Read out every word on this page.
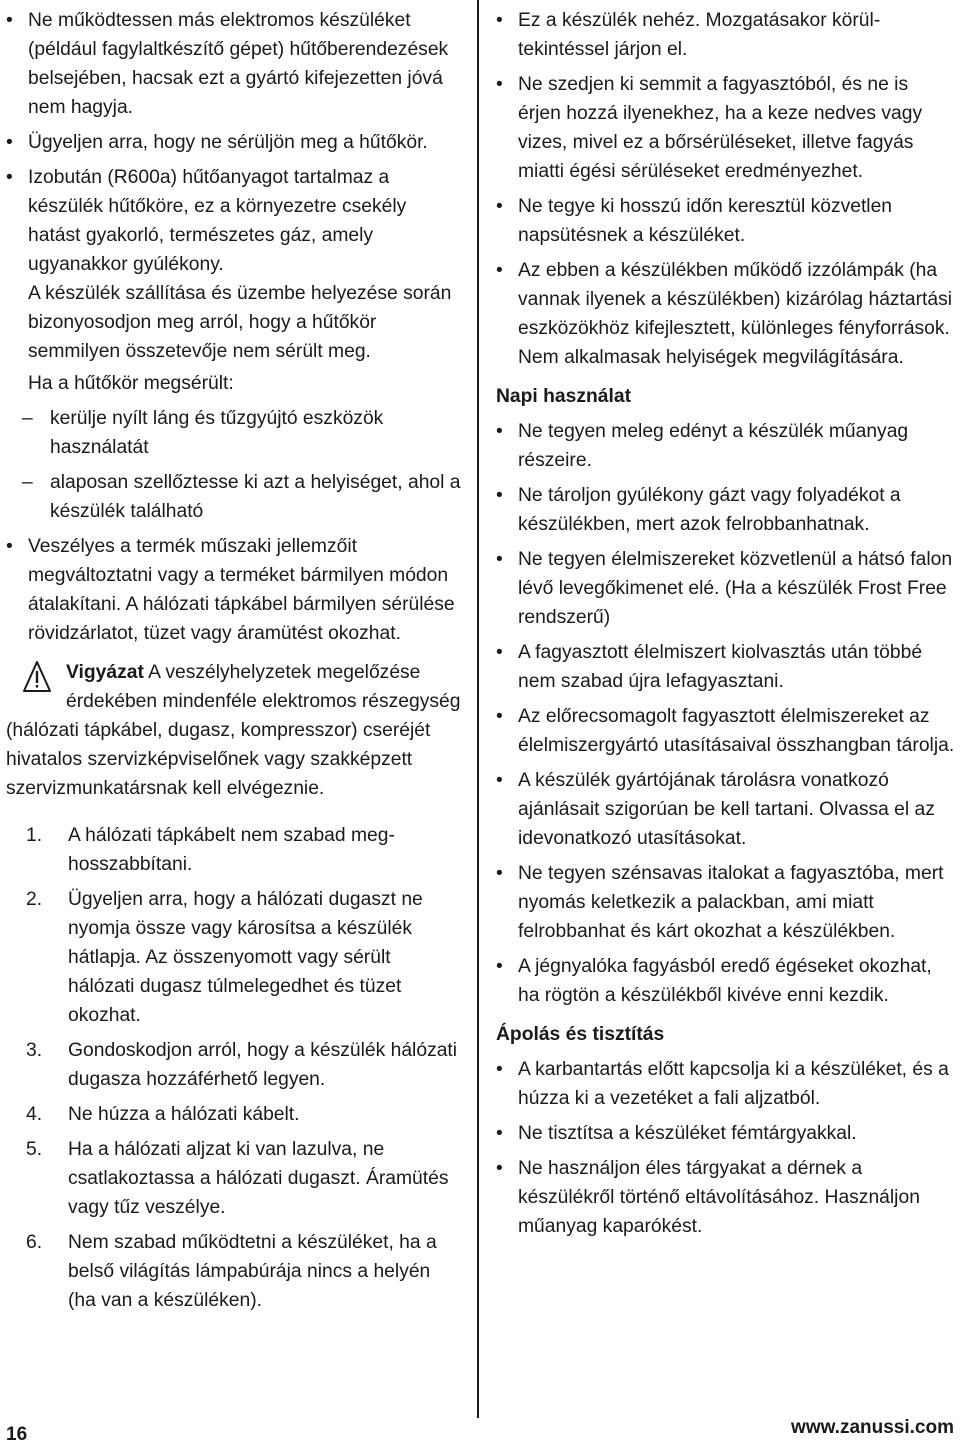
• Ne működtessen más elektromos készüléket (például fagylaltkészítő gépet) hűtőberendezések belsejében, hacsak ezt a gyártó kifejezetten jóvá nem hagyja.
• Ügyeljen arra, hogy ne sérüljön meg a hűtőkör.
• Izobután (R600a) hűtőanyagot tartalmaz a készülék hűtőköre, ez a környezetre csekély hatást gyakorló, természetes gáz, amely ugyanakkor gyúlékony.
A készülék szállítása és üzembe helyezése során bizonyosodjon meg arról, hogy a hűtőkör semmilyen összetevője nem sérült meg.
Ha a hűtőkör megsérült:
– kerülje nyílt láng és tűzgyújtó eszközök használatát
– alaposan szellőztesse ki azt a helyiséget, ahol a készülék található
• Veszélyes a termék műszaki jellemzőit megváltoztatni vagy a terméket bármilyen módon átalakítani. A hálózati tápkábel bármilyen sérülése rövidzárlatot, tüzet vagy áramütést okozhat.
Vigyázat A veszélyhelyzetek megelőzése érdekében mindenféle elektromos részegység (hálózati tápkábel, dugasz, kompresszor) cseréjét hivatalos szervizképviselőnek vagy szakképzett szervizmunkatársnak kell elvégeznie.
1. A hálózati tápkábelt nem szabad meghosszabbítani.
2. Ügyeljen arra, hogy a hálózati dugaszt ne nyomja össze vagy károsítsa a készülék hátlapja. Az összenyomott vagy sérült hálózati dugasz túlmelegedhet és tüzet okozhat.
3. Gondoskodjon arról, hogy a készülék hálózati dugasza hozzáférhető legyen.
4. Ne húzza a hálózati kábelt.
5. Ha a hálózati aljzat ki van lazulva, ne csatlakoztassa a hálózati dugaszt. Áramütés vagy tűz veszélye.
6. Nem szabad működtetni a készüléket, ha a belső világítás lámpabúrája nincs a helyén (ha van a készüléken).
• Ez a készülék nehéz. Mozgatásakor körültekintéssel járjon el.
• Ne szedjen ki semmit a fagyasztóból, és ne is érjen hozzá ilyenekhez, ha a keze nedves vagy vizes, mivel ez a bőrsérüléseket, illetve fagyás miatti égési sérüléseket eredményezhet.
• Ne tegye ki hosszú időn keresztül közvetlen napsütésnek a készüléket.
• Az ebben a készülékben működő izzólámpák (ha vannak ilyenek a készülékben) kizárólag háztartási eszközökhöz kifejlesztett, különleges fényforrások. Nem alkalmasak helyiségek megvilágítására.
Napi használat
• Ne tegyen meleg edényt a készülék műanyag részeire.
• Ne tároljon gyúlékony gázt vagy folyadékot a készülékben, mert azok felrobbanhatnak.
• Ne tegyen élelmiszereket közvetlenül a hátsó falon lévő levegőkimenet elé. (Ha a készülék Frost Free rendszerű)
• A fagyasztott élelmiszert kiolvasztás után többé nem szabad újra lefagyasztani.
• Az előrecsomagolt fagyasztott élelmiszereket az élelmiszergyártó utasításaival összhangban tárolja.
• A készülék gyártójának tárolásra vonatkozó ajánlásait szigorúan be kell tartani. Olvassa el az idevonatkozó utasításokat.
• Ne tegyen szénsavas italokat a fagyasztóba, mert nyomás keletkezik a palackban, ami miatt felrobbanhat és kárt okozhat a készülékben.
• A jégnyalóka fagyásból eredő égéseket okozhat, ha rögtön a készülékből kivéve enni kezdik.
Ápolás és tisztítás
• A karbantartás előtt kapcsolja ki a készüléket, és a húzza ki a vezetéket a fali aljzatból.
• Ne tisztítsa a készüléket fémtárgyakkal.
• Ne használjon éles tárgyakat a dérnek a készülékről történő eltávolításához. Használjon műanyag kaparókést.
16	www.zanussi.com
